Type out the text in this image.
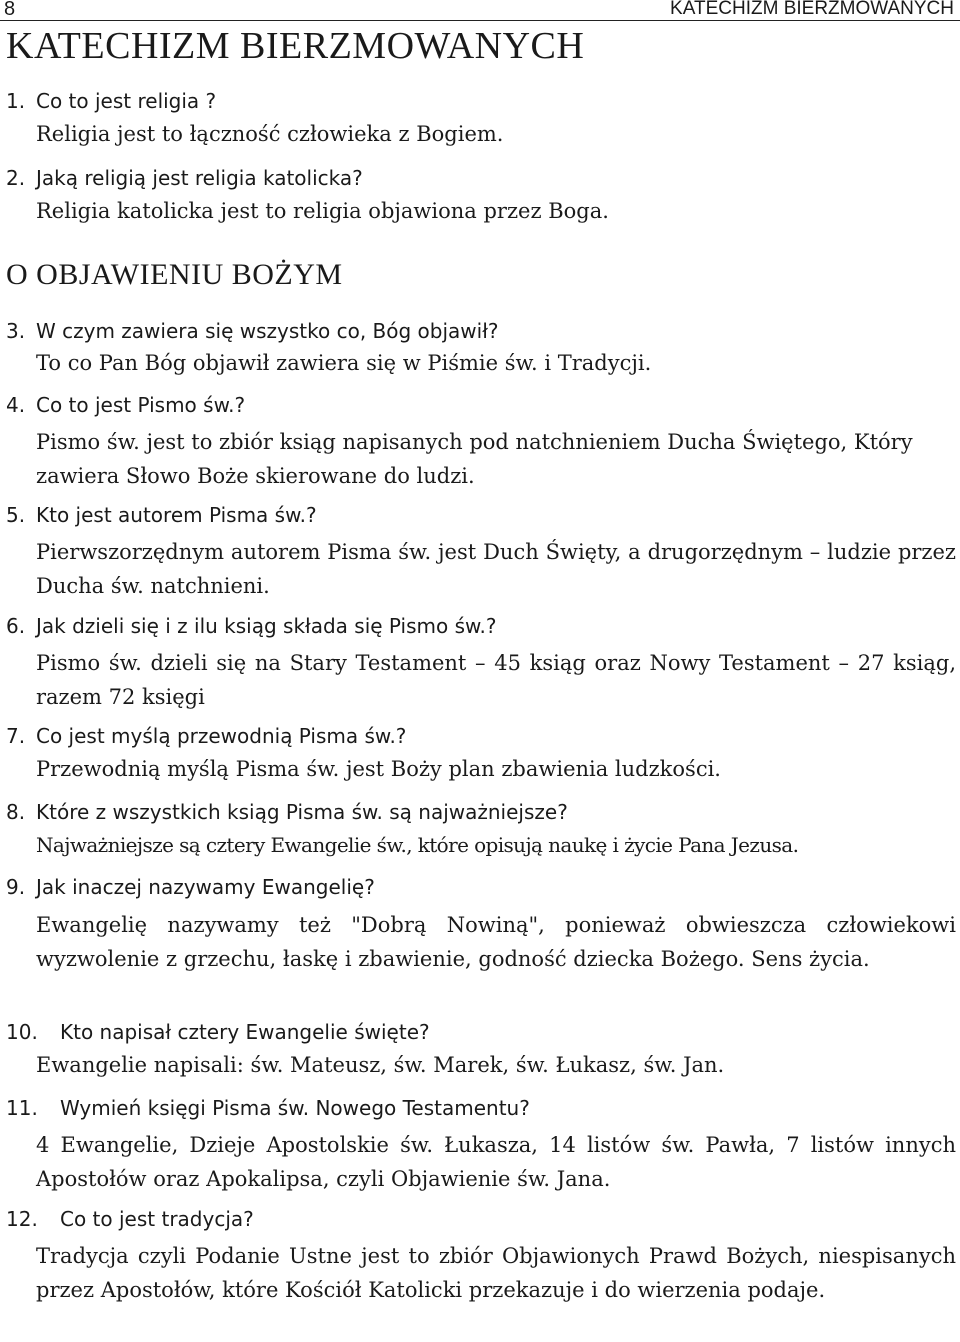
8	KATECHIZM BIERZMOWANYCH
KATECHIZM BIERZMOWANYCH
1. Co to jest religia ?
Religia jest to łączność człowieka z Bogiem.
2. Jaką religią jest religia katolicka?
Religia katolicka jest to religia objawiona przez Boga.
O OBJAWIENIU BOŻYM
3. W czym zawiera się wszystko co, Bóg objawił?
To co Pan Bóg objawił zawiera się w Piśmie św. i Tradycji.
4. Co to jest Pismo św.?
Pismo św. jest to zbiór ksiąg napisanych pod natchnieniem Ducha Świętego, Który zawiera Słowo Boże skierowane do ludzi.
5. Kto jest autorem Pisma św.?
Pierwszorzędnym autorem Pisma św. jest Duch Święty, a drugorzędnym – ludzie przez Ducha św. natchnieni.
6. Jak dzieli się i z ilu ksiąg składa się Pismo św.?
Pismo św. dzieli się na Stary Testament – 45 ksiąg oraz Nowy Testament – 27 ksiąg, razem 72 księgi
7. Co jest myślą przewodnią Pisma św.?
Przewodnią myślą Pisma św. jest Boży plan zbawienia ludzkości.
8. Które z wszystkich ksiąg Pisma św. są najważniejsze?
Najważniejsze są cztery Ewangelie św., które opisują naukę i życie Pana Jezusa.
9. Jak inaczej nazywamy Ewangelię?
Ewangelię nazywamy też "Dobrą Nowiną", ponieważ obwieszcza człowiekowi wyzwolenie z grzechu, łaskę i zbawienie, godność dziecka Bożego. Sens życia.
10. Kto napisał cztery Ewangelie święte?
Ewangelie napisali: św. Mateusz, św. Marek, św. Łukasz, św. Jan.
11. Wymień księgi Pisma św. Nowego Testamentu?
4 Ewangelie, Dzieje Apostolskie św. Łukasza, 14 listów św. Pawła, 7 listów innych Apostołów oraz Apokalipsa, czyli Objawienie św. Jana.
12. Co to jest tradycja?
Tradycja czyli Podanie Ustne jest to zbiór Objawionych Prawd Bożych, niespisanych przez Apostołów, które Kościół Katolicki przekazuje i do wierzenia podaje.
